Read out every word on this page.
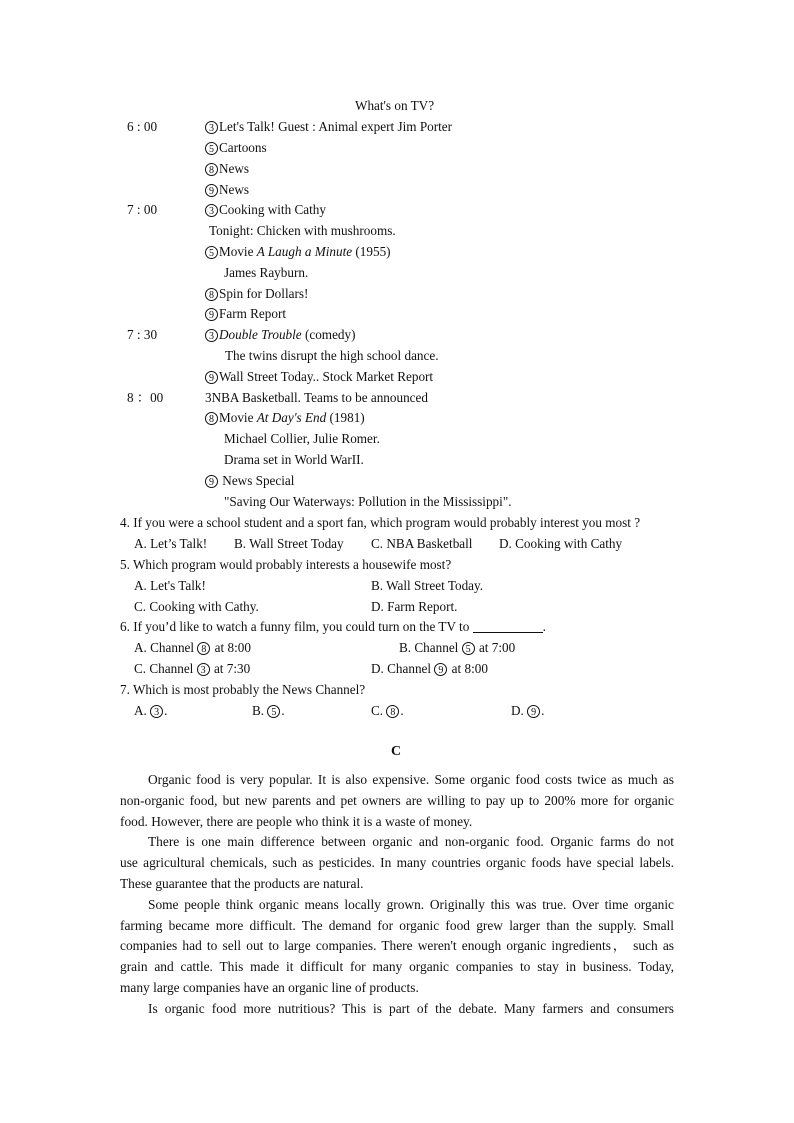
What's on TV?
6 : 00	3 Let's Talk! Guest : Animal expert Jim Porter
5 Cartoons
8 News
9 News
7 : 00	3 Cooking with Cathy
Tonight: Chicken with mushrooms.
5 Movie A Laugh a Minute (1955)
James Rayburn.
8 Spin for Dollars!
9 Farm Report
7 : 30	3 Double Trouble (comedy)
The twins disrupt the high school dance.
9 Wall Street Today.. Stock Market Report
8 ：00	3NBA Basketball. Teams to be announced
8 Movie At Day's End (1981)
Michael Collier, Julie Romer.
Drama set in World WarII.
9 News Special
"Saving Our Waterways: Pollution in the Mississippi".
4. If you were a school student and a sport fan, which program would probably interest you most ?
A. Let’s Talk! B. Wall Street Today C. NBA Basketball D. Cooking with Cathy
5. Which program would probably interests a housewife most?
A. Let's Talk!	B. Wall Street Today.
C. Cooking with Cathy.	D. Farm Report.
6. If you’d like to watch a funny film, you could turn on the TV to	.
A. Channel 8 at 8:00	B. Channel 5 at 7:00
C. Channel 3 at 7:30	D. Channel 9 at 8:00
7. Which is most probably the News Channel?
A. 3 .	B. 5 .	C. 8 .	D. 9 .
C
Organic food is very popular. It is also expensive. Some organic food costs twice as much as
non-organic food, but new parents and pet owners are willing to pay up to 200% more for organic
food. However, there are people who think it is a waste of money.
There is one main difference between organic and non-organic food. Organic farms do not
use agricultural chemicals, such as pesticides. In many countries organic foods have special labels.
These guarantee that the products are natural.
Some people think organic means locally grown. Originally this was true. Over time organic
farming became more difficult. The demand for organic food grew larger than the supply. Small
companies had to sell out to large companies. There weren't enough organic ingredients， such as
grain and cattle. This made it difficult for many organic companies to stay in business. Today,
many large companies have an organic line of products.
Is organic food more nutritious? This is part of the debate. Many farmers and consumers
